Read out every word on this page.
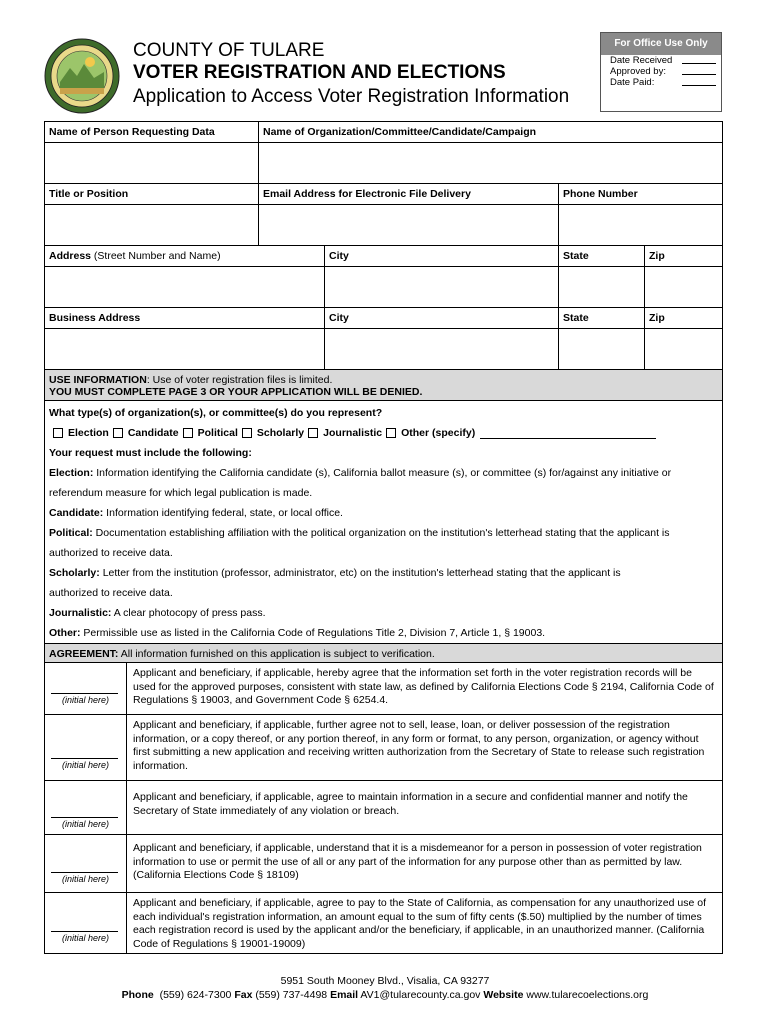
COUNTY OF TULARE
VOTER REGISTRATION AND ELECTIONS
Application to Access Voter Registration Information
For Office Use Only
Date Received
Approved by:
Date Paid:
Name of Person Requesting Data	Name of Organization/Committee/Candidate/Campaign
Title or Position	Email Address for Electronic File Delivery	Phone Number
Address (Street Number and Name)	City	State	Zip
Business Address	City	State	Zip
USE INFORMATION: Use of voter registration files is limited.
YOU MUST COMPLETE PAGE 3 OR YOUR APPLICATION WILL BE DENIED.

What type(s) of organization(s), or committee(s) do you represent?

Election Candidate Political Scholarly Journalistic Other (specify)

Your request must include the following:

Election: Information identifying the California candidate (s), California ballot measure (s), or committee (s) for/against any initiative or

referendum measure for which legal publication is made.

Candidate: Information identifying federal, state, or local office.

Political: Documentation establishing affiliation with the political organization on the institution's letterhead stating that the applicant is

authorized to receive data.

Scholarly: Letter from the institution (professor, administrator, etc) on the institution's letterhead stating that the applicant is

authorized to receive data.

Journalistic: A clear photocopy of press pass.

Other: Permissible use as listed in the California Code of Regulations Title 2, Division 7, Article 1, § 19003.

AGREEMENT: All information furnished on this application is subject to verification.
(initial here)
Applicant and beneficiary, if applicable, hereby agree that the information set forth in the voter registration records will be used for the approved purposes, consistent with state law, as defined by California Elections Code § 2194, California Code of Regulations § 19003, and Government Code § 6254.4.
(initial here)
Applicant and beneficiary, if applicable, further agree not to sell, lease, loan, or deliver possession of the registration information, or a copy thereof, or any portion thereof, in any form or format, to any person, organization, or agency without first submitting a new application and receiving written authorization from the Secretary of State to release such registration information.
(initial here)
Applicant and beneficiary, if applicable, agree to maintain information in a secure and confidential manner and notify the Secretary of State immediately of any violation or breach.
(initial here)
Applicant and beneficiary, if applicable, understand that it is a misdemeanor for a person in possession of voter registration information to use or permit the use of all or any part of the information for any purpose other than as permitted by law. (California Elections Code § 18109)
(initial here)
Applicant and beneficiary, if applicable, agree to pay to the State of California, as compensation for any unauthorized use of each individual's registration information, an amount equal to the sum of fifty cents ($.50) multiplied by the number of times each registration record is used by the applicant and/or the beneficiary, if applicable, in an unauthorized manner. (California Code of Regulations § 19001-19009)
5951 South Mooney Blvd., Visalia, CA 93277
Phone (559) 624-7300 Fax (559) 737-4498 Email AV1@tularecounty.ca.gov Website www.tularecoelections.org
